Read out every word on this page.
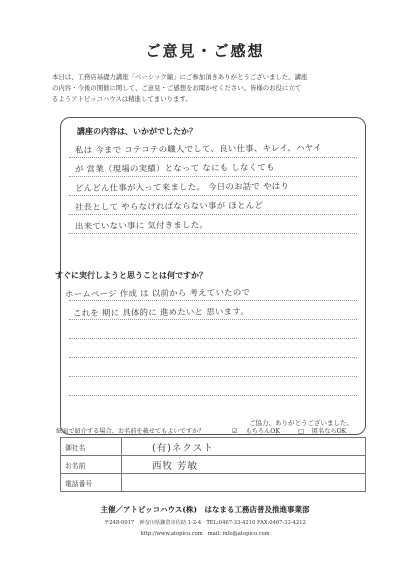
ご意見・ご感想
本日は、工務店基礎力講座「ベーシック編」にご参加頂きありがとうございました。講座
の内容・今後の開催に関して、ご意見・ご感想をお聞かせください。皆様のお役に立て
るようアトピッコハウスは精進してまいります。
講座の内容は、いかがでしたか？
私は 今まで コテコテの職人でして、良い仕事、キレイ、ハヤイ
が 営業（現場の実績）となって なにも しなくても
どんどん仕事が入って来ました。 今日のお話で やはり
社長として やらなければならない事が ほとんど
出来ていない事に 気付きました。
すぐに実行しようと思うことは何ですか？
ホームページ 作成 は 以前から 考えていたので
これを 期に 具体的に 進めたいと 思います。
ご協力、ありがとうございました。
紙面で紹介する場合、お名前を載せてもよいですか？	☑ もちろんOK	□ 匿名ならOK
御社名	(有)ネクスト
お名前	西牧 芳敏
電話番号	
主催／アトピッコハウス(株)　はなまる工務店普及推進事業部
〒248-0017　神奈川県鎌倉市佐助 1-2-4　TEL:0467-33-4210 FAX:0467-33-4212
http://www.atopico.com　mail: info@atopico.com
